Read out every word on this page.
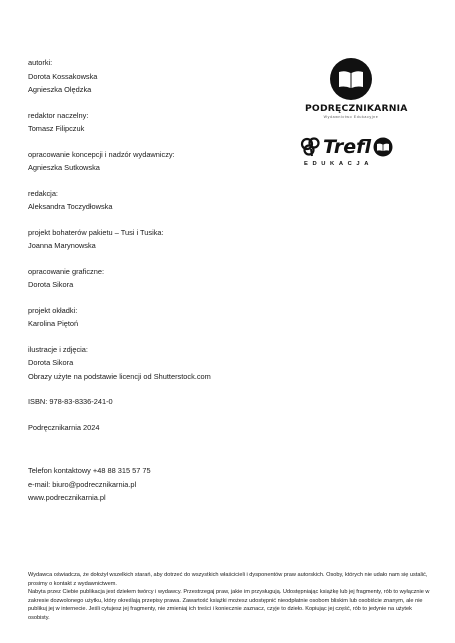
autorki:
Dorota Kossakowska
Agnieszka Olędzka
redaktor naczelny:
Tomasz Filipczuk
opracowanie koncepcji i nadzór wydawniczy:
Agnieszka Sutkowska
redakcja:
Aleksandra Toczydłowska
projekt bohaterów pakietu – Tusi i Tusika:
Joanna Marynowska
opracowanie graficzne:
Dorota Sikora
projekt okładki:
Karolina Piętoń
ilustracje i zdjęcia:
Dorota Sikora
Obrazy użyte na podstawie licencji od Shutterstock.com
ISBN: 978-83-8336-241-0
Podręcznikarnia 2024
Telefon kontaktowy +48 88 315 57 75
e-mail: biuro@podrecznikarnia.pl
www.podrecznikarnia.pl
PODRĘCZNIKARNIA
Wydawnictwo Edukacyjne
Trefl
EDUKACJA

Wydawca oświadcza, że dołożył wszelkich starań, aby dotrzeć do wszystkich właścicieli i dysponentów praw autorskich. Osoby, których nie udało nam się ustalić, prosimy o kontakt z wydawnictwem.

Nabyta przez Ciebie publikacja jest dziełem twórcy i wydawcy. Przestrzegaj praw, jakie im przysługują. Udostępniając książkę lub jej fragmenty, rób to wyłącznie w zakresie dozwolonego użytku, który określają przepisy prawa. Zawartość książki możesz udostępnić nieodpłatnie osobom bliskim lub osobiście znanym, ale nie publikuj jej w internecie. Jeśli cytujesz jej fragmenty, nie zmieniaj ich treści i koniecznie zaznacz, czyje to dzieło. Kopiując jej część, rób to jedynie na użytek osobisty.
